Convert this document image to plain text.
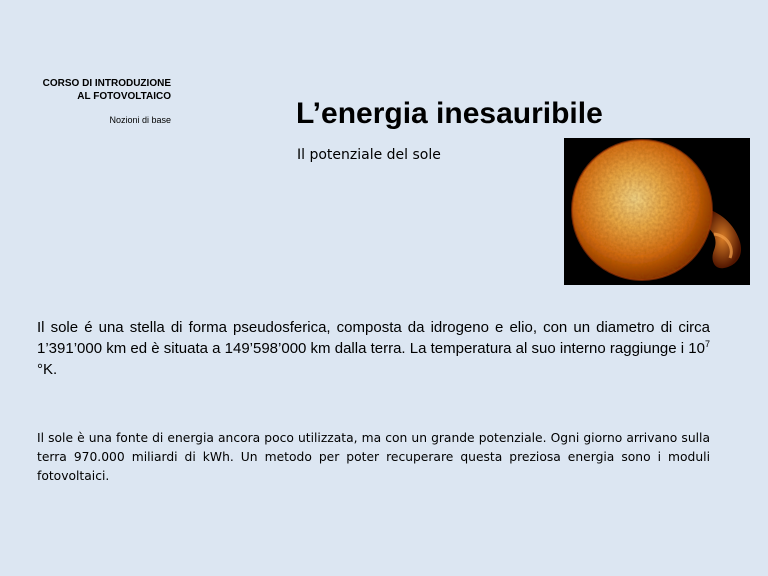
CORSO DI INTRODUZIONE
AL FOTOVOLTAICO
Nozioni di base	L’energia inesauribile
Il potenziale del sole
Il sole é una stella di forma pseudosferica, composta da idrogeno e elio, con un diametro di circa 1’391’000 km ed è situata a 149’598’000 km dalla terra. La temperatura al suo interno raggiunge i $10^7$ °K.
Il sole è una fonte di energia ancora poco utilizzata, ma con un grande potenziale. Ogni giorno arrivano sulla terra 970.000 miliardi di kWh. Un metodo per poter recuperare questa preziosa energia sono i moduli fotovoltaici.
